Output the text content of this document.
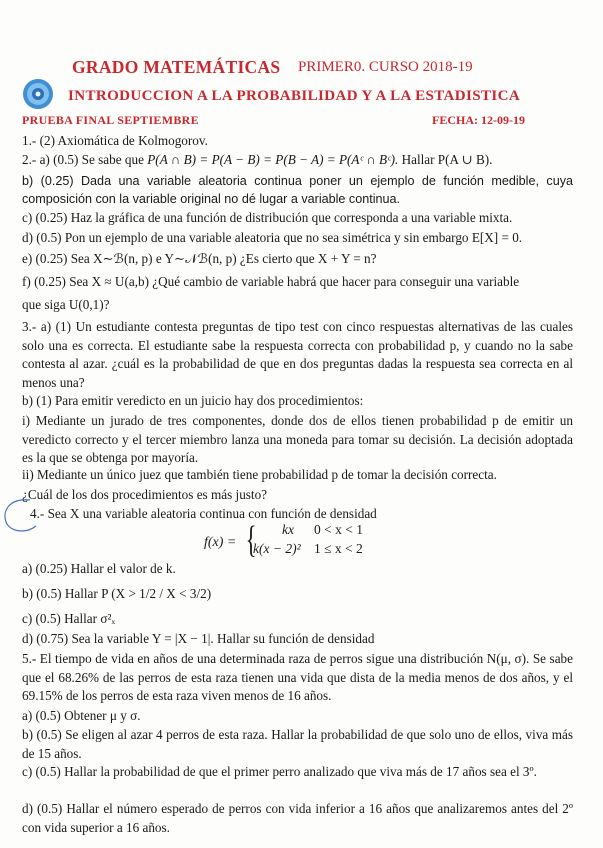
GRADO MATEMÁTICAS PRIMER0. CURSO 2018-19
INTRODUCCION A LA PROBABILIDAD Y A LA ESTADISTICA
PRUEBA FINAL SEPTIEMBRE	FECHA: 12-09-19
1.- (2) Axiomática de Kolmogorov.
2.- a) (0.5) Se sabe que P(A ∩ B) = P(A − B) = P(B − A) = P(Aᶜ ∩ Bᶜ). Hallar P(A ∪ B).
b) (0.25) Dada una variable aleatoria continua poner un ejemplo de función medible, cuya composición con la variable original no dé lugar a variable continua.
c) (0.25) Haz la gráfica de una función de distribución que corresponda a una variable mixta.
d) (0.5) Pon un ejemplo de una variable aleatoria que no sea simétrica y sin embargo E[X] = 0.
e) (0.25) Sea X∼ℬ(n, p) e Y∼𝒩ℬ(n, p) ¿Es cierto que X + Y = n?
f) (0.25) Sea X ≈ U(a,b) ¿Qué cambio de variable habrá que hacer para conseguir una variable
que siga U(0,1)?
3.- a) (1) Un estudiante contesta preguntas de tipo test con cinco respuestas alternativas de las cuales solo una es correcta. El estudiante sabe la respuesta correcta con probabilidad p, y cuando no la sabe contesta al azar. ¿cuál es la probabilidad de que en dos preguntas dadas la respuesta sea correcta en al menos una?
b) (1) Para emitir veredicto en un juicio hay dos procedimientos:
i) Mediante un jurado de tres componentes, donde dos de ellos tienen probabilidad p de emitir un veredicto correcto y el tercer miembro lanza una moneda para tomar su decisión. La decisión adoptada es la que se obtenga por mayoría.
ii) Mediante un único juez que también tiene probabilidad p de tomar la decisión correcta.
¿Cuál de los dos procedimientos es más justo?
4.- Sea X una variable aleatoria continua con función de densidad
f(x) = { kx 0 < x < 1
k(x − 2)² 1 ≤ x < 2
a) (0.25) Hallar el valor de k.
b) (0.5) Hallar P (X > 1/2 / X < 3/2)
c) (0.5) Hallar σ²ₓ
d) (0.75) Sea la variable Y = |X − 1|. Hallar su función de densidad
5.- El tiempo de vida en años de una determinada raza de perros sigue una distribución N(μ, σ). Se sabe que el 68.26% de las perros de esta raza tienen una vida que dista de la media menos de dos años, y el 69.15% de los perros de esta raza viven menos de 16 años.
a) (0.5) Obtener μ y σ.
b) (0.5) Se eligen al azar 4 perros de esta raza. Hallar la probabilidad de que solo uno de ellos, viva más de 15 años.
c) (0.5) Hallar la probabilidad de que el primer perro analizado que viva más de 17 años sea el 3º.
d) (0.5) Hallar el número esperado de perros con vida inferior a 16 años que analizaremos antes del 2º con vida superior a 16 años.
